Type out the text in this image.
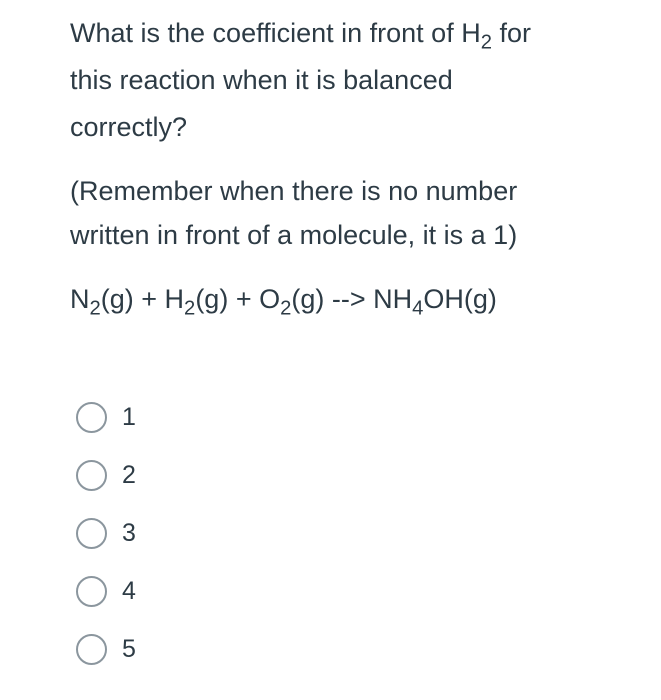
What is the coefficient in front of $H_2$ for

this reaction when it is balanced

correctly?

(Remember when there is no number
written in front of a molecule, it is a 1)

$N_2(g) + H_2(g) + O_2(g)$ --> $NH_4OH(g)$

1
2
3
4
5
